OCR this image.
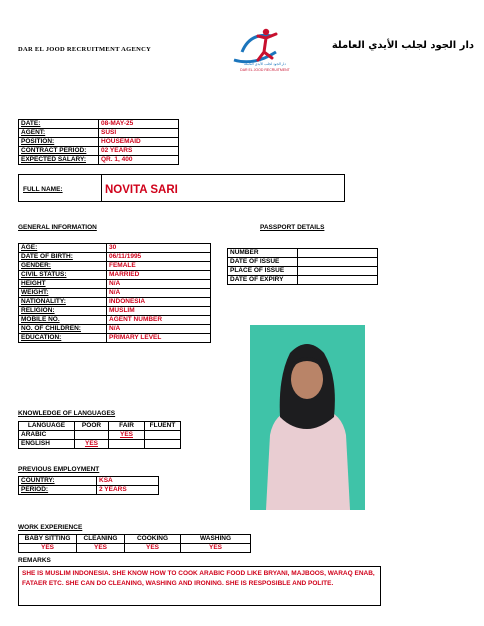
DAR EL JOOD RECRUITMENT AGENCY
دار الجود لجلب الأيدي العاملة
DAR EL JOOD RECRUITMENT
دار الجود لجلب الأيدي العاملة
DATE:	08-MAY-25
AGENT:	SUSI
POSITION:	HOUSEMAID
CONTRACT PERIOD:	02 YEARS
EXPECTED SALARY:	QR. 1, 400
FULL NAME:	NOVITA SARI
GENERAL INFORMATION	PASSPORT DETAILS
AGE:	30
DATE OF BIRTH:	06/11/1995
GENDER:	FEMALE
CIVIL STATUS:	MARRIED
HEIGHT	N/A
WEIGHT:	N/A
NATIONALITY:	INDONESIA
RELIGION:	MUSLIM
MOBILE NO.	AGENT NUMBER
NO. OF CHILDREN:	N/A
EDUCATION:	PRIMARY LEVEL
NUMBER	
DATE OF ISSUE	
PLACE OF ISSUE	
DATE OF EXPIRY	
KNOWLEDGE OF LANGUAGES
LANGUAGE	POOR	FAIR	FLUENT
ARABIC		YES	
ENGLISH	YES		
PREVIOUS EMPLOYMENT
COUNTRY:	KSA
PERIOD:	2 YEARS
WORK EXPERIENCE
BABY SITTING	CLEANING	COOKING	WASHING
YES	YES	YES	YES
REMARKS
SHE IS MUSLIM INDONESIA. SHE KNOW HOW TO COOK ARABIC FOOD LIKE BRYANI, MAJBOOS, WARAQ ENAB, FATAER ETC. SHE CAN DO CLEANING, WASHING AND IRONING. SHE IS RESPOSIBLE AND POLITE.
